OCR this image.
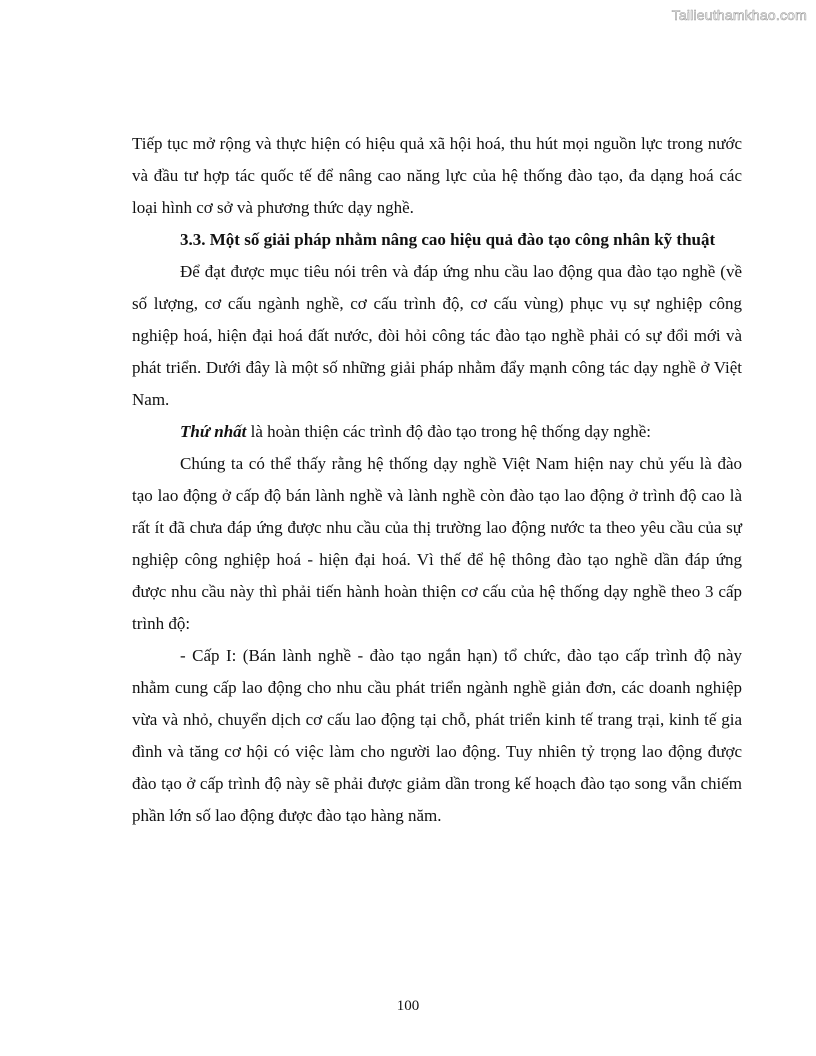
Tailieuthamkhao.com

Tiếp tục mở rộng và thực hiện có hiệu quả xã hội hoá, thu hút mọi nguồn lực trong nước và đầu tư hợp tác quốc tế để nâng cao năng lực của hệ thống đào tạo, đa dạng hoá các loại hình cơ sở và phương thức dạy nghề.

3.3. Một số giải pháp nhằm nâng cao hiệu quả đào tạo công nhân kỹ thuật

Để đạt được mục tiêu nói trên và đáp ứng nhu cầu lao động qua đào tạo nghề (về số lượng, cơ cấu ngành nghề, cơ cấu trình độ, cơ cấu vùng) phục vụ sự nghiệp công nghiệp hoá, hiện đại hoá đất nước, đòi hỏi công tác đào tạo nghề phải có sự đổi mới và phát triển. Dưới đây là một số những giải pháp nhằm đẩy mạnh công tác dạy nghề ở Việt Nam.

Thứ nhất là hoàn thiện các trình độ đào tạo trong hệ thống dạy nghề:

Chúng ta có thể thấy rằng hệ thống dạy nghề Việt Nam hiện nay chủ yếu là đào tạo lao động ở cấp độ bán lành nghề và lành nghề còn đào tạo lao động ở trình độ cao là rất ít đã chưa đáp ứng được nhu cầu của thị trường lao động nước ta theo yêu cầu của sự nghiệp công nghiệp hoá - hiện đại hoá. Vì thế để hệ thông đào tạo nghề dần đáp ứng được nhu cầu này thì phải tiến hành hoàn thiện cơ cấu của hệ thống dạy nghề theo 3 cấp trình độ:

- Cấp I: (Bán lành nghề - đào tạo ngắn hạn) tổ chức, đào tạo cấp trình độ này nhằm cung cấp lao động cho nhu cầu phát triển ngành nghề giản đơn, các doanh nghiệp vừa và nhỏ, chuyển dịch cơ cấu lao động tại chỗ, phát triển kinh tế trang trại, kinh tế gia đình và tăng cơ hội có việc làm cho người lao động. Tuy nhiên tỷ trọng lao động được đào tạo ở cấp trình độ này sẽ phải được giảm dần trong kế hoạch đào tạo song vẫn chiếm phần lớn số lao động được đào tạo hàng năm.

100
